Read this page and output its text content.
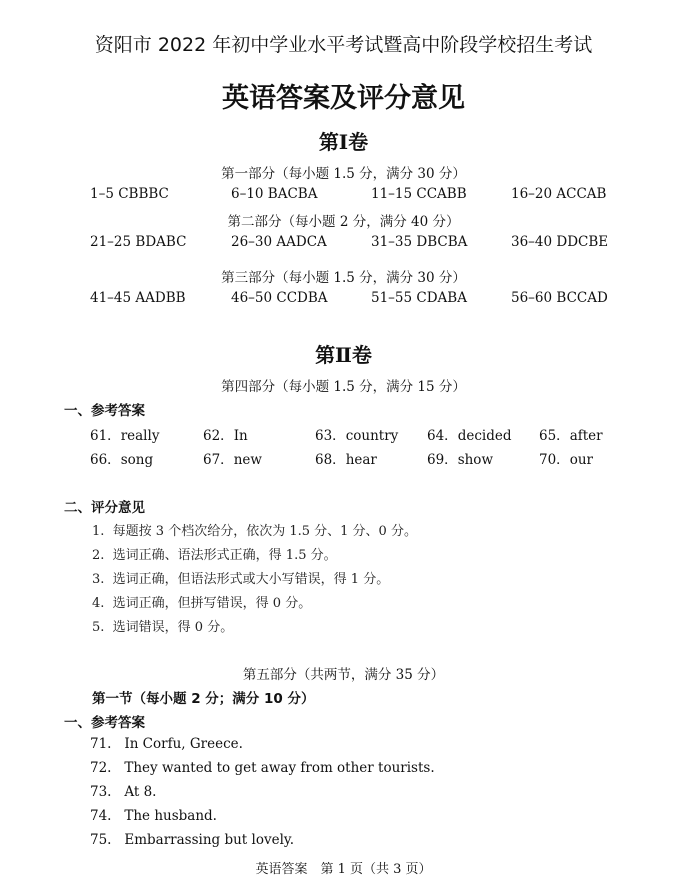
资阳市 2022 年初中学业水平考试暨高中阶段学校招生考试
英语答案及评分意见
第Ⅰ卷
第一部分（每小题 1.5 分，满分 30 分）
1–5 CBBBC	6–10 BACBA	11–15 CCABB	16–20 ACCAB
第二部分（每小题 2 分，满分 40 分）
21–25 BDABC	26–30 AADCA	31–35 DBCBA	36–40 DDCBE
第三部分（每小题 1.5 分，满分 30 分）
41–45 AADBB	46–50 CCDBA	51–55 CDABA	56–60 BCCAD
第Ⅱ卷
第四部分（每小题 1.5 分，满分 15 分）
一、参考答案
61．really	62．In	63．country 64．decided 65．after
66．song	67．new	68．hear	69．show	70．our
二、评分意见
1. 每题按 3 个档次给分，依次为 1.5 分、1 分、0 分。
2. 选词正确、语法形式正确，得 1.5 分。
3. 选词正确，但语法形式或大小写错误，得 1 分。
4. 选词正确，但拼写错误，得 0 分。
5. 选词错误，得 0 分。
第五部分（共两节，满分 35 分）
第一节（每小题 2 分；满分 10 分）
一、参考答案
71. In Corfu, Greece.
72. They wanted to get away from other tourists.
73. At 8.
74. The husband.
75. Embarrassing but lovely.
英语答案　第 1 页（共 3 页）
